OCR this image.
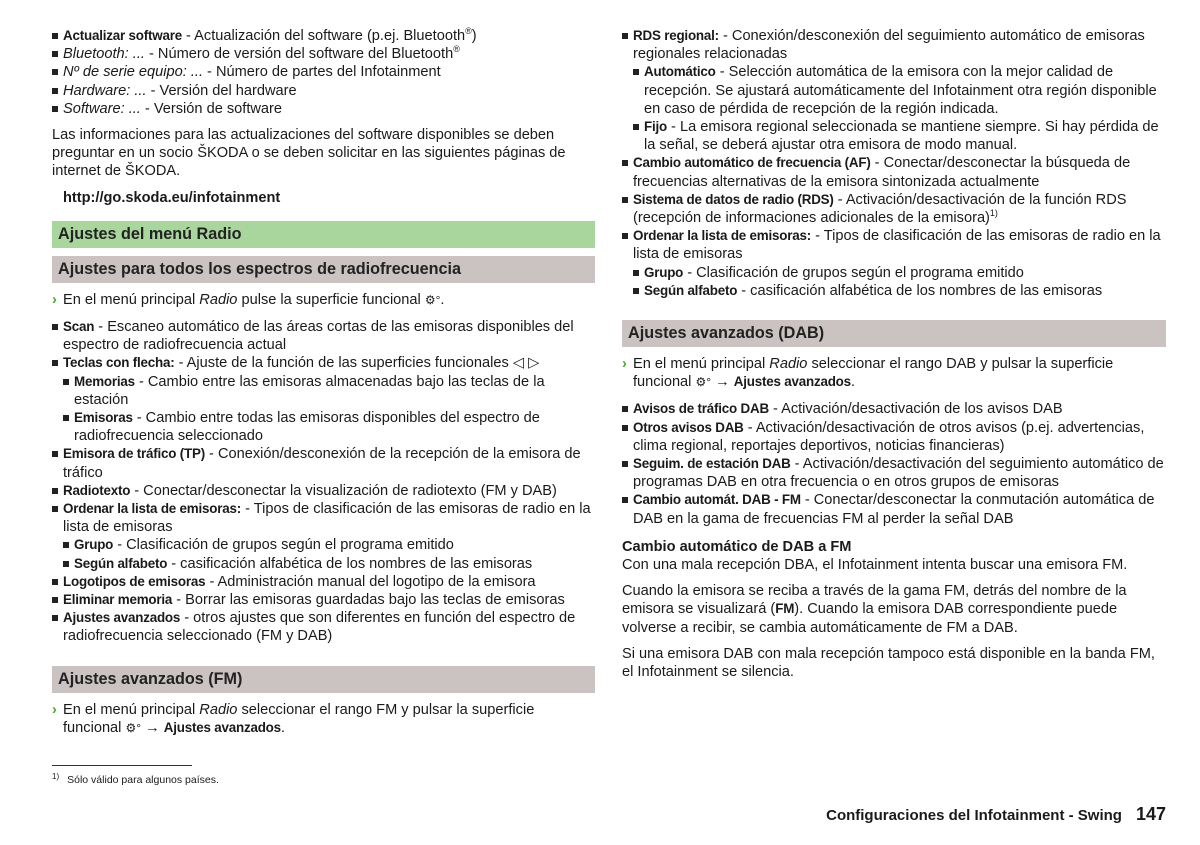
Actualizar software - Actualización del software (p.ej. Bluetooth®)
Bluetooth: ... - Número de versión del software del Bluetooth®
Nº de serie equipo: ... - Número de partes del Infotainment
Hardware: ... - Versión del hardware
Software: ... - Versión de software
Las informaciones para las actualizaciones del software disponibles se deben preguntar en un socio ŠKODA o se deben solicitar en las siguientes páginas de internet de ŠKODA.
http://go.skoda.eu/infotainment
Ajustes del menú Radio
Ajustes para todos los espectros de radiofrecuencia
› En el menú principal Radio pulse la superficie funcional ⚙°.
Scan - Escaneo automático de las áreas cortas de las emisoras disponibles del espectro de radiofrecuencia actual
Teclas con flecha: - Ajuste de la función de las superficies funcionales ◁ ▷
Memorias - Cambio entre las emisoras almacenadas bajo las teclas de la estación
Emisoras - Cambio entre todas las emisoras disponibles del espectro de radiofrecuencia seleccionado
Emisora de tráfico (TP) - Conexión/desconexión de la recepción de la emisora de tráfico
Radiotexto - Conectar/desconectar la visualización de radiotexto (FM y DAB)
Ordenar la lista de emisoras: - Tipos de clasificación de las emisoras de radio en la lista de emisoras
Grupo - Clasificación de grupos según el programa emitido
Según alfabeto - casificación alfabética de los nombres de las emisoras
Logotipos de emisoras - Administración manual del logotipo de la emisora
Eliminar memoria - Borrar las emisoras guardadas bajo las teclas de emisoras
Ajustes avanzados - otros ajustes que son diferentes en función del espectro de radiofrecuencia seleccionado (FM y DAB)
Ajustes avanzados (FM)
› En el menú principal Radio seleccionar el rango FM y pulsar la superficie funcional ⚙° → Ajustes avanzados.
RDS regional: - Conexión/desconexión del seguimiento automático de emisoras regionales relacionadas
Automático - Selección automática de la emisora con la mejor calidad de recepción. Se ajustará automáticamente del Infotainment otra región disponible en caso de pérdida de recepción de la región indicada.
Fijo - La emisora regional seleccionada se mantiene siempre. Si hay pérdida de la señal, se deberá ajustar otra emisora de modo manual.
Cambio automático de frecuencia (AF) - Conectar/desconectar la búsqueda de frecuencias alternativas de la emisora sintonizada actualmente
Sistema de datos de radio (RDS) - Activación/desactivación de la función RDS (recepción de informaciones adicionales de la emisora)$^{1)}$
Ordenar la lista de emisoras: - Tipos de clasificación de las emisoras de radio en la lista de emisoras
Grupo - Clasificación de grupos según el programa emitido
Según alfabeto - casificación alfabética de los nombres de las emisoras
Ajustes avanzados (DAB)
› En el menú principal Radio seleccionar el rango DAB y pulsar la superficie funcional ⚙° → Ajustes avanzados.
Avisos de tráfico DAB - Activación/desactivación de los avisos DAB
Otros avisos DAB - Activación/desactivación de otros avisos (p.ej. advertencias, clima regional, reportajes deportivos, noticias financieras)
Seguim. de estación DAB - Activación/desactivación del seguimiento automático de programas DAB en otra frecuencia o en otros grupos de emisoras
Cambio automát. DAB - FM - Conectar/desconectar la conmutación automática de DAB en la gama de frecuencias FM al perder la señal DAB
Cambio automático de DAB a FM
Con una mala recepción DBA, el Infotainment intenta buscar una emisora FM.
Cuando la emisora se reciba a través de la gama FM, detrás del nombre de la emisora se visualizará (FM). Cuando la emisora DAB correspondiente puede volverse a recibir, se cambia automáticamente de FM a DAB.
Si una emisora DAB con mala recepción tampoco está disponible en la banda FM, el Infotainment se silencia.
$^{1)}$ Sólo válido para algunos países.
Configuraciones del Infotainment - Swing 147
